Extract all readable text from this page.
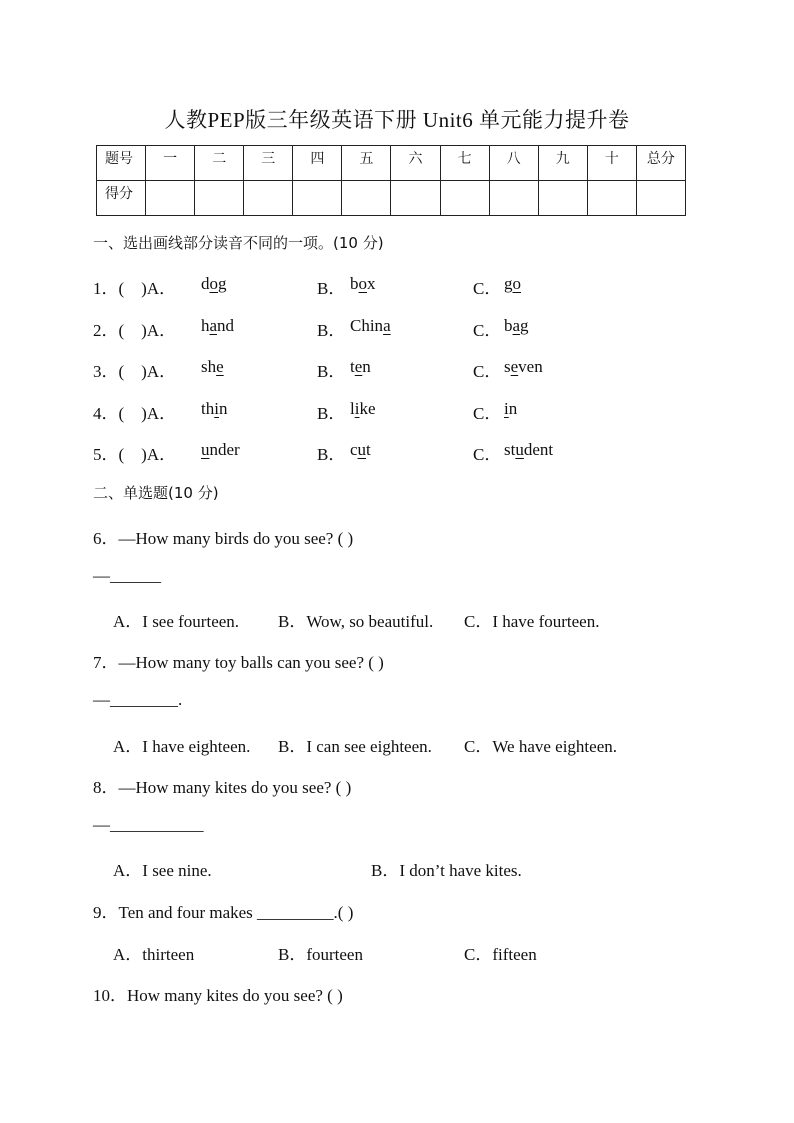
人教PEP版三年级英语下册 Unit6 单元能力提升卷
题号	一	二	三	四	五	六	七	八	九	十	总分
得分											
一、选出画线部分读音不同的一项。(10 分)
1．(　)A． dog	B． box	C． go
2．(　)A． hand	B． China	C． bag
3．(　)A． she	B． ten	C． seven
4．(　)A． thin	B． like	C． in
5．(　)A． under	B． cut	C． student
二、单选题(10 分)
6．—How many birds do you see? ( )
—______
A．I see fourteen. B．Wow, so beautiful. C．I have fourteen.
7．—How many toy balls can you see? ( )
—________.
A．I have eighteen. B．I can see eighteen. C．We have eighteen.
8．—How many kites do you see? ( )
—___________
A．I see nine.	B．I don’t have kites.
9．Ten and four makes _________.( )
A．thirteen	B．fourteen	C．fifteen
10．How many kites do you see? ( )
